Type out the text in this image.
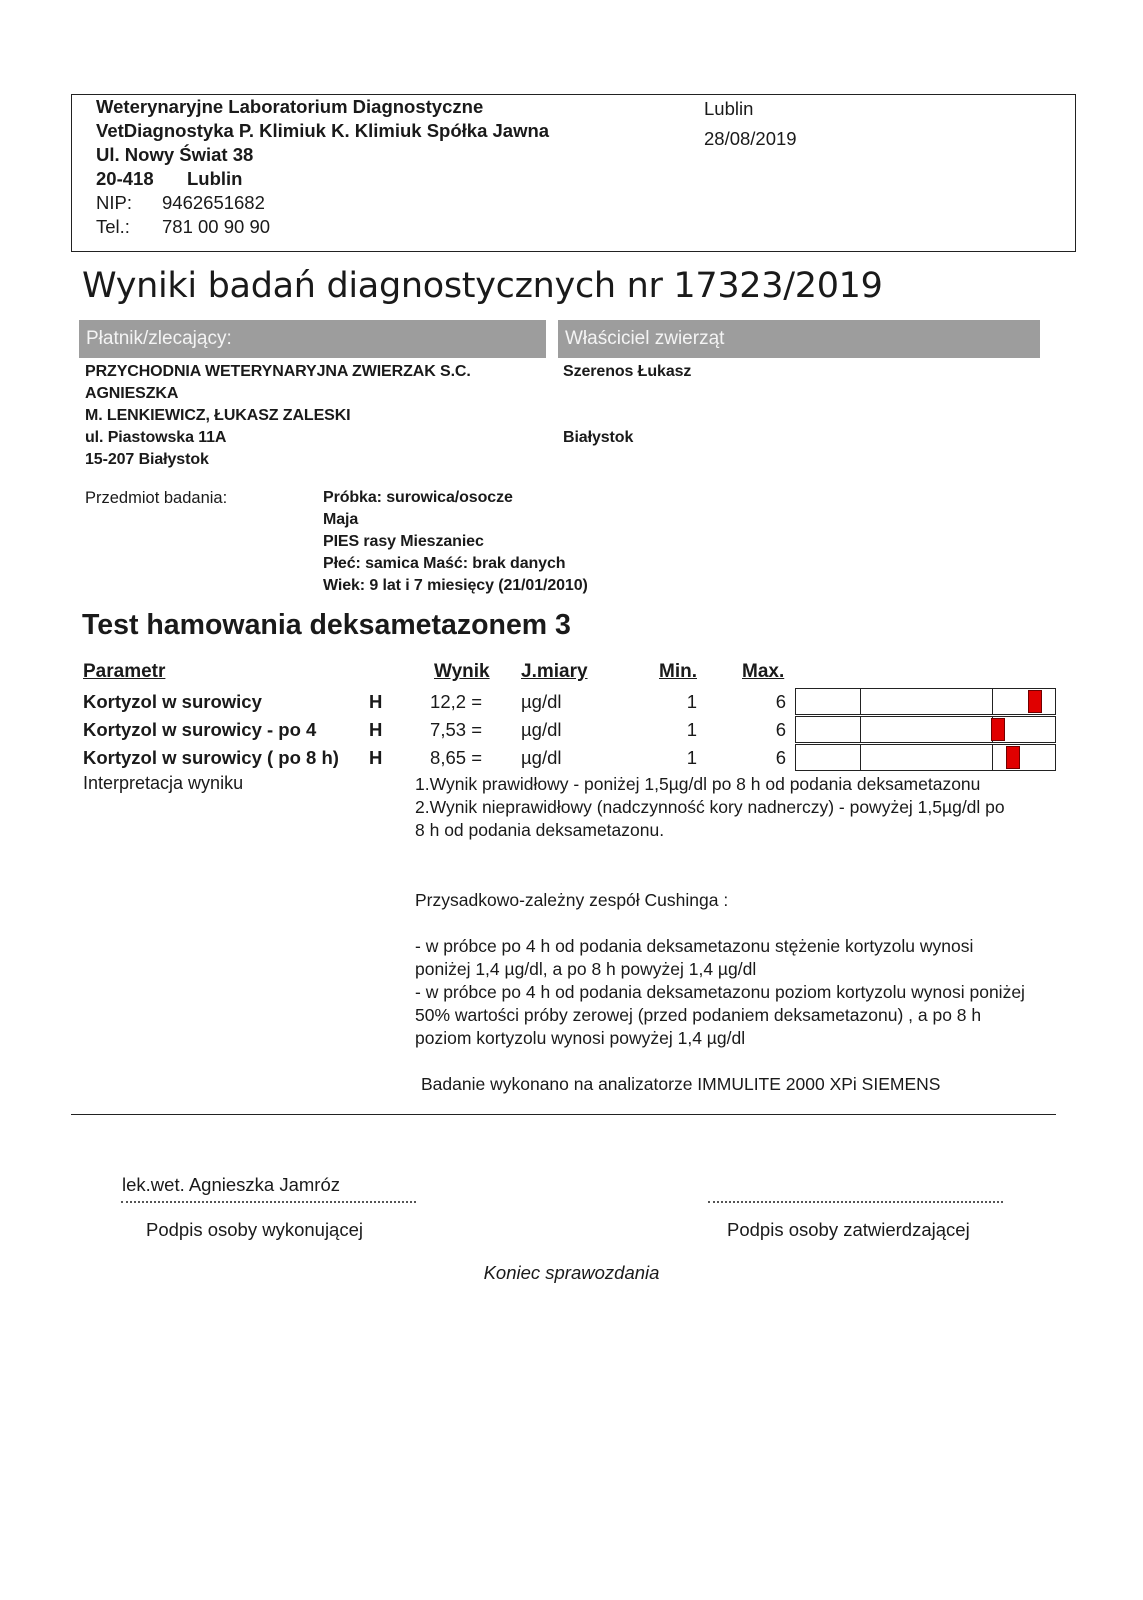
Weterynaryjne Laboratorium Diagnostyczne
VetDiagnostyka P. Klimiuk K. Klimiuk Spółka Jawna
Ul. Nowy Świat 38
20-418 Lublin
NIP: 9462651682
Tel.: 781 00 90 90
Lublin
28/08/2019
Wyniki badań diagnostycznych nr 17323/2019
Płatnik/zlecający:	Właściciel zwierząt
PRZYCHODNIA WETERYNARYJNA ZWIERZAK S.C.
AGNIESZKA
M. LENKIEWICZ, ŁUKASZ ZALESKI
ul. Piastowska 11A
15-207 Białystok
Szerenos Łukasz
Białystok
Przedmiot badania:	Próbka: surowica/osocze
Maja
PIES rasy Mieszaniec
Płeć: samica Maść: brak danych
Wiek: 9 lat i 7 miesięcy (21/01/2010)
Test hamowania deksametazonem 3
Parametr	Wynik J.miary	Min. Max.
Kortyzol w surowicy	H	12,2 = µg/dl	1	6
Kortyzol w surowicy - po 4	H	7,53 = µg/dl	1	6
Kortyzol w surowicy ( po 8 h) H	8,65 = µg/dl	1	6
Interpretacja wyniku	1.Wynik prawidłowy - poniżej 1,5µg/dl po 8 h od podania deksametazonu
2.Wynik nieprawidłowy (nadczynność kory nadnerczy) - powyżej 1,5µg/dl po
8 h od podania deksametazonu.
Przysadkowo-zależny zespół Cushinga :
- w próbce po 4 h od podania deksametazonu stężenie kortyzolu wynosi
poniżej 1,4 µg/dl, a po 8 h powyżej 1,4 µg/dl
- w próbce po 4 h od podania deksametazonu poziom kortyzolu wynosi poniżej
50% wartości próby zerowej (przed podaniem deksametazonu) , a po 8 h
poziom kortyzolu wynosi powyżej 1,4 µg/dl
Badanie wykonano na analizatorze IMMULITE 2000 XPi SIEMENS
lek.wet. Agnieszka Jamróz
Podpis osoby wykonującej	Podpis osoby zatwierdzającej
Koniec sprawozdania
